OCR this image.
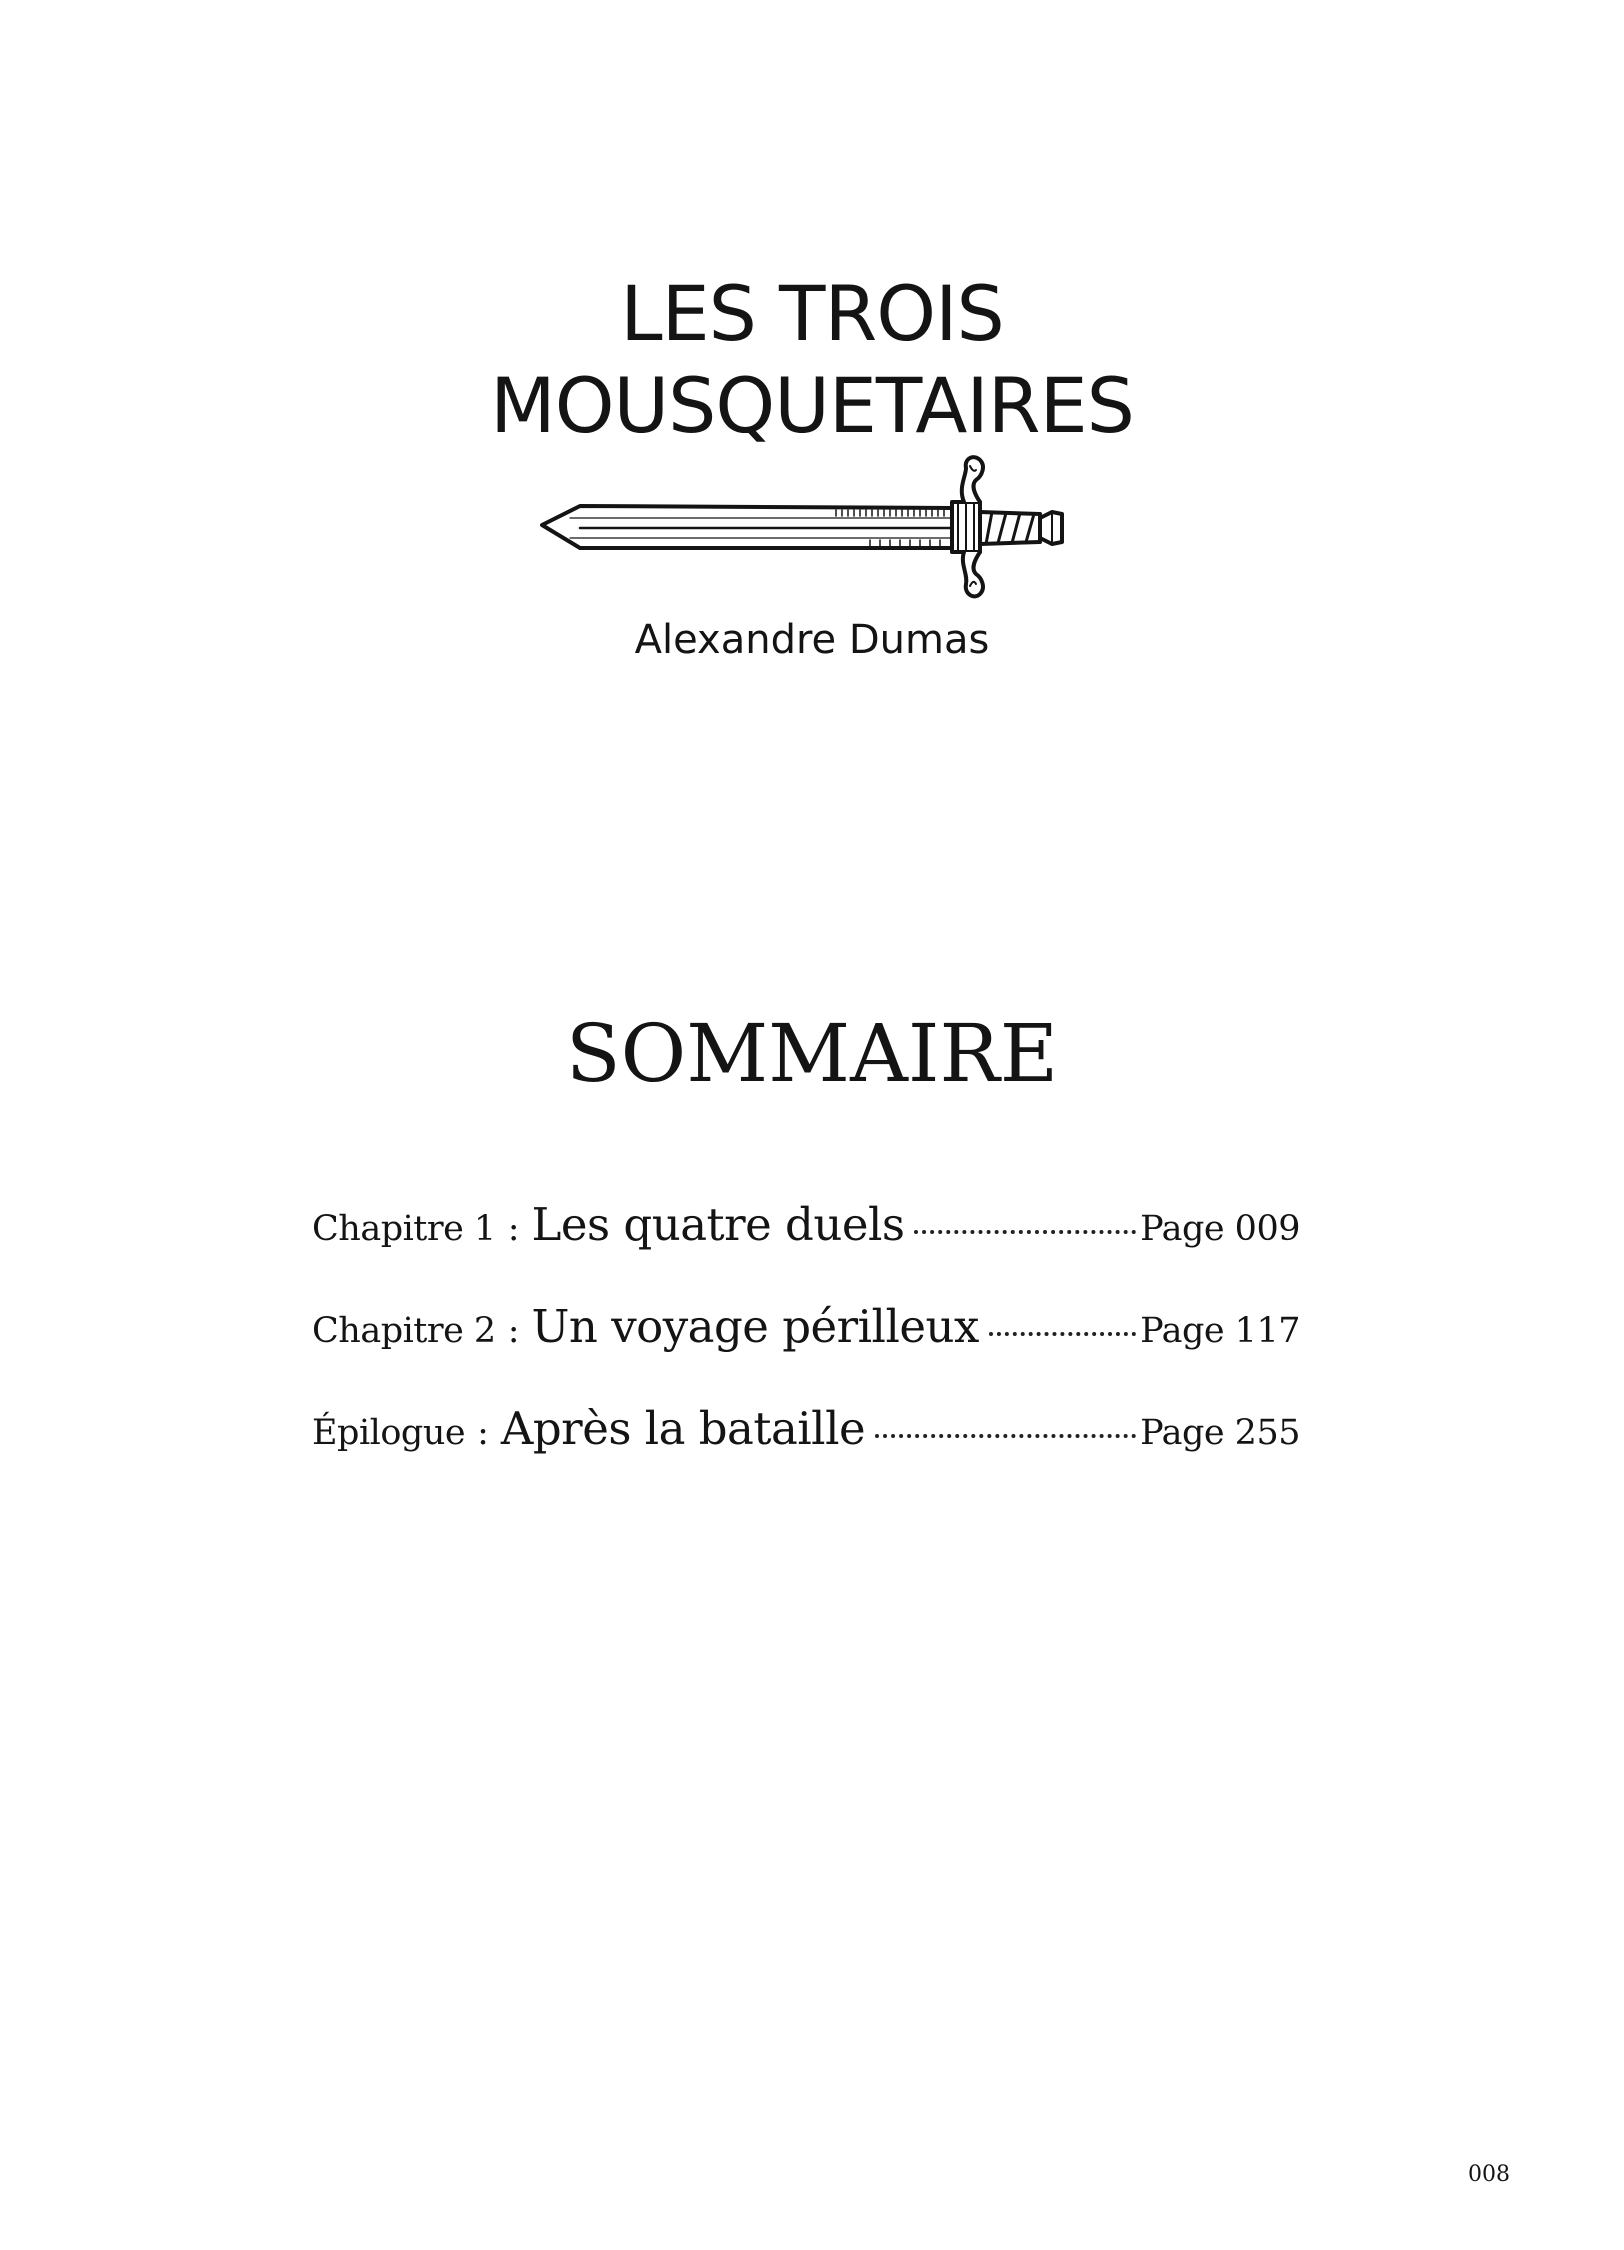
LES TROIS
MOUSQUETAIRES
Alexandre Dumas
SOMMAIRE
Chapitre 1 : Les quatre duels	Page 009
Chapitre 2 : Un voyage périlleux	Page 117
Épilogue : Après la bataille	Page 255
008
